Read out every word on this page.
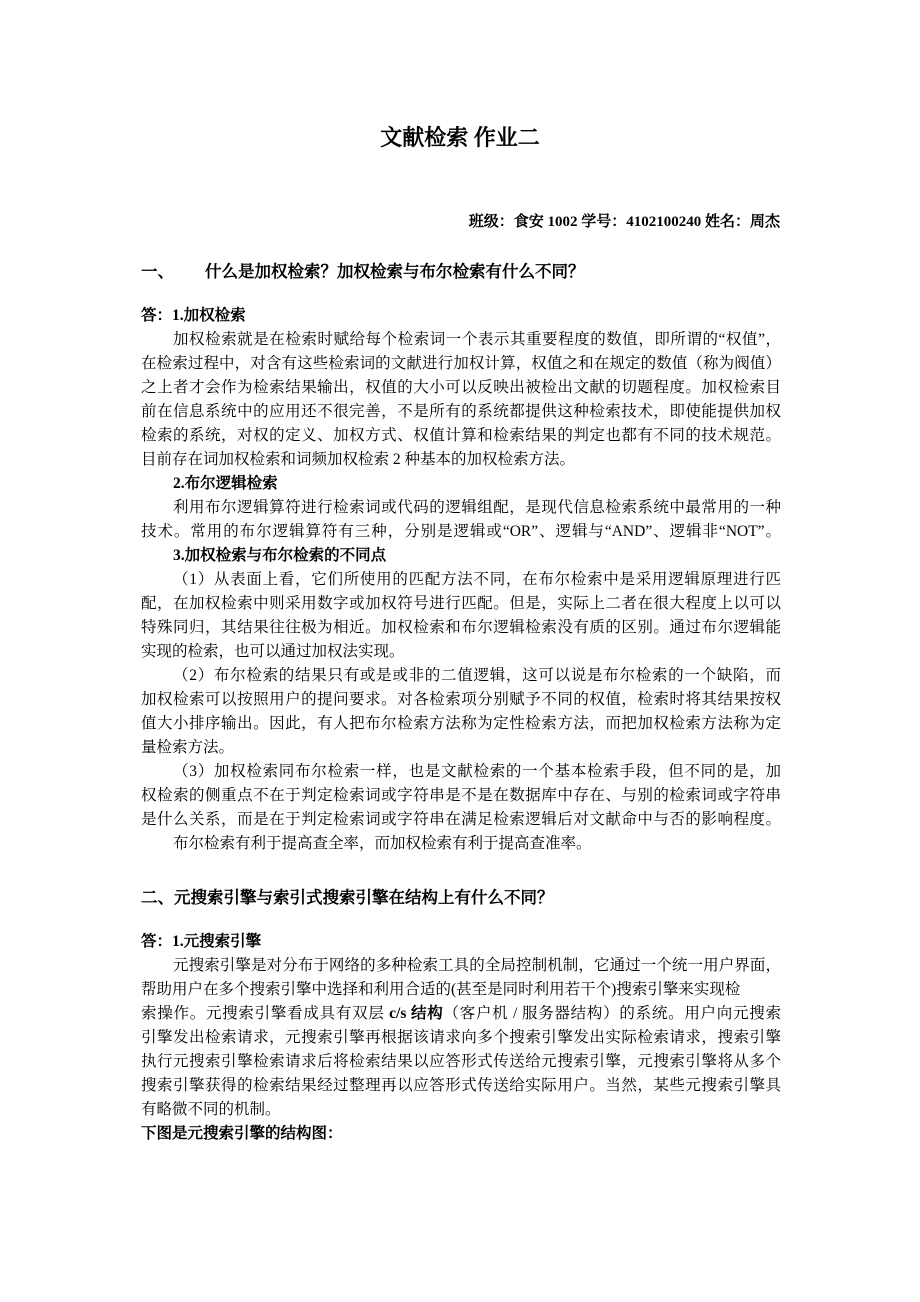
文献检索 作业二
班级：食安 1002 学号：4102100240 姓名：周杰
一、 什么是加权检索？加权检索与布尔检索有什么不同？
答：1.加权检索
加权检索就是在检索时赋给每个检索词一个表示其重要程度的数值，即所谓的“权值”，
在检索过程中，对含有这些检索词的文献进行加权计算，权值之和在规定的数值（称为阀值）
之上者才会作为检索结果输出，权值的大小可以反映出被检出文献的切题程度。加权检索目
前在信息系统中的应用还不很完善，不是所有的系统都提供这种检索技术，即使能提供加权
检索的系统，对权的定义、加权方式、权值计算和检索结果的判定也都有不同的技术规范。
目前存在词加权检索和词频加权检索 2 种基本的加权检索方法。
2.布尔逻辑检索
利用布尔逻辑算符进行检索词或代码的逻辑组配，是现代信息检索系统中最常用的一种
技术。常用的布尔逻辑算符有三种，分别是逻辑或“OR”、逻辑与“AND”、逻辑非“NOT”。
3.加权检索与布尔检索的不同点
（1）从表面上看，它们所使用的匹配方法不同，在布尔检索中是采用逻辑原理进行匹
配，在加权检索中则采用数字或加权符号进行匹配。但是，实际上二者在很大程度上以可以
特殊同归，其结果往往极为相近。加权检索和布尔逻辑检索没有质的区别。通过布尔逻辑能
实现的检索，也可以通过加权法实现。
（2）布尔检索的结果只有或是或非的二值逻辑，这可以说是布尔检索的一个缺陷，而
加权检索可以按照用户的提问要求。对各检索项分别赋予不同的权值，检索时将其结果按权
值大小排序输出。因此，有人把布尔检索方法称为定性检索方法，而把加权检索方法称为定
量检索方法。
（3）加权检索同布尔检索一样，也是文献检索的一个基本检索手段，但不同的是，加
权检索的侧重点不在于判定检索词或字符串是不是在数据库中存在、与别的检索词或字符串
是什么关系，而是在于判定检索词或字符串在满足检索逻辑后对文献命中与否的影响程度。
布尔检索有利于提高查全率，而加权检索有利于提高查准率。
二、元搜索引擎与索引式搜索引擎在结构上有什么不同？
答：1.元搜索引擎
元搜索引擎是对分布于网络的多种检索工具的全局控制机制，它通过一个统一用户界面，
帮助用户在多个搜索引擎中选择和利用合适的(甚至是同时利用若干个)搜索引擎来实现检
索操作。元搜索引擎看成具有双层 c/s 结构（客户机 / 服务器结构）的系统。用户向元搜索
引擎发出检索请求，元搜索引擎再根据该请求向多个搜索引擎发出实际检索请求，搜索引擎
执行元搜索引擎检索请求后将检索结果以应答形式传送给元搜索引擎，元搜索引擎将从多个
搜索引擎获得的检索结果经过整理再以应答形式传送给实际用户。当然，某些元搜索引擎具
有略微不同的机制。
下图是元搜索引擎的结构图：
